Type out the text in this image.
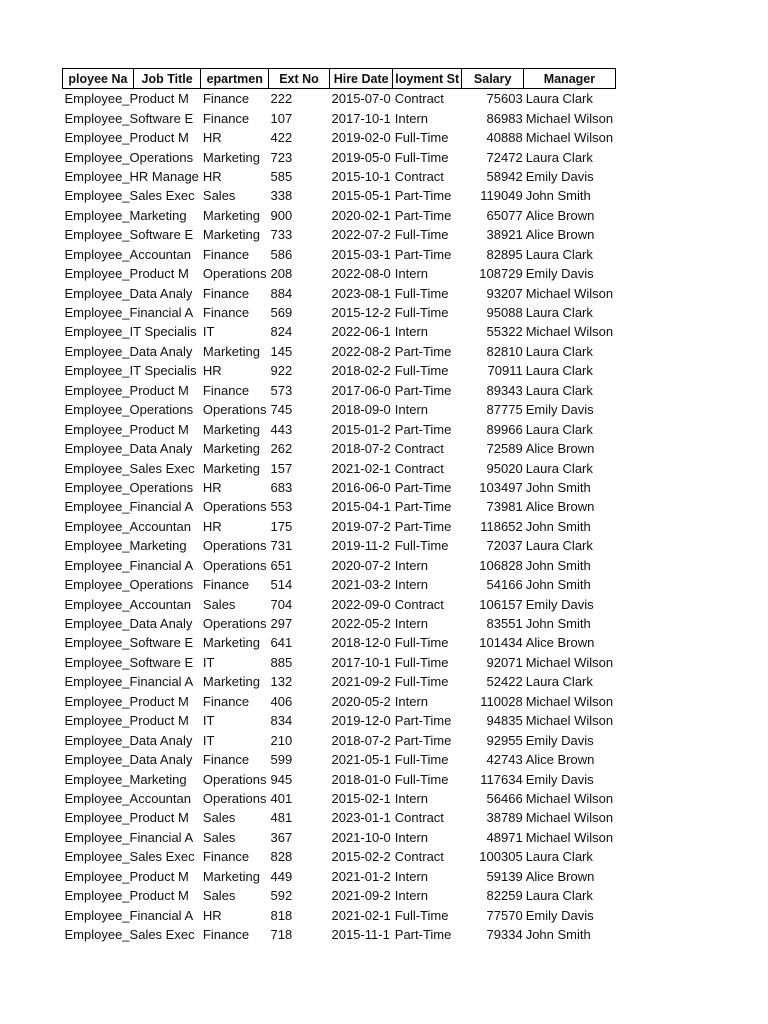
ployee Na	Job Title	epartmen	Ext No	Hire Date	loyment St	Salary	Manager
Employee_Product M		Finance	222	2015-07-0	Contract	75603	Laura Clark
Employee_Software E		Finance	107	2017-10-1	Intern	86983	Michael Wilson
Employee_Product M		HR	422	2019-02-0	Full-Time	40888	Michael Wilson
Employee_Operations		Marketing	723	2019-05-0	Full-Time	72472	Laura Clark
Employee_HR Manage		HR	585	2015-10-1	Contract	58942	Emily Davis
Employee_Sales Exec		Sales	338	2015-05-1	Part-Time	119049	John Smith
Employee_Marketing		Marketing	900	2020-02-1	Part-Time	65077	Alice Brown
Employee_Software E		Marketing	733	2022-07-2	Full-Time	38921	Alice Brown
Employee_Accountan		Finance	586	2015-03-1	Part-Time	82895	Laura Clark
Employee_Product M		Operations	208	2022-08-0	Intern	108729	Emily Davis
Employee_Data Analy		Finance	884	2023-08-1	Full-Time	93207	Michael Wilson
Employee_Financial A		Finance	569	2015-12-2	Full-Time	95088	Laura Clark
Employee_IT Specialis		IT	824	2022-06-1	Intern	55322	Michael Wilson
Employee_Data Analy		Marketing	145	2022-08-2	Part-Time	82810	Laura Clark
Employee_IT Specialis		HR	922	2018-02-2	Full-Time	70911	Laura Clark
Employee_Product M		Finance	573	2017-06-0	Part-Time	89343	Laura Clark
Employee_Operations		Operations	745	2018-09-0	Intern	87775	Emily Davis
Employee_Product M		Marketing	443	2015-01-2	Part-Time	89966	Laura Clark
Employee_Data Analy		Marketing	262	2018-07-2	Contract	72589	Alice Brown
Employee_Sales Exec		Marketing	157	2021-02-1	Contract	95020	Laura Clark
Employee_Operations		HR	683	2016-06-0	Part-Time	103497	John Smith
Employee_Financial A		Operations	553	2015-04-1	Part-Time	73981	Alice Brown
Employee_Accountan		HR	175	2019-07-2	Part-Time	118652	John Smith
Employee_Marketing		Operations	731	2019-11-2	Full-Time	72037	Laura Clark
Employee_Financial A		Operations	651	2020-07-2	Intern	106828	John Smith
Employee_Operations		Finance	514	2021-03-2	Intern	54166	John Smith
Employee_Accountan		Sales	704	2022-09-0	Contract	106157	Emily Davis
Employee_Data Analy		Operations	297	2022-05-2	Intern	83551	John Smith
Employee_Software E		Marketing	641	2018-12-0	Full-Time	101434	Alice Brown
Employee_Software E		IT	885	2017-10-1	Full-Time	92071	Michael Wilson
Employee_Financial A		Marketing	132	2021-09-2	Full-Time	52422	Laura Clark
Employee_Product M		Finance	406	2020-05-2	Intern	110028	Michael Wilson
Employee_Product M		IT	834	2019-12-0	Part-Time	94835	Michael Wilson
Employee_Data Analy		IT	210	2018-07-2	Part-Time	92955	Emily Davis
Employee_Data Analy		Finance	599	2021-05-1	Full-Time	42743	Alice Brown
Employee_Marketing		Operations	945	2018-01-0	Full-Time	117634	Emily Davis
Employee_Accountan		Operations	401	2015-02-1	Intern	56466	Michael Wilson
Employee_Product M		Sales	481	2023-01-1	Contract	38789	Michael Wilson
Employee_Financial A		Sales	367	2021-10-0	Intern	48971	Michael Wilson
Employee_Sales Exec		Finance	828	2015-02-2	Contract	100305	Laura Clark
Employee_Product M		Marketing	449	2021-01-2	Intern	59139	Alice Brown
Employee_Product M		Sales	592	2021-09-2	Intern	82259	Laura Clark
Employee_Financial A		HR	818	2021-02-1	Full-Time	77570	Emily Davis
Employee_Sales Exec		Finance	718	2015-11-1	Part-Time	79334	John Smith
